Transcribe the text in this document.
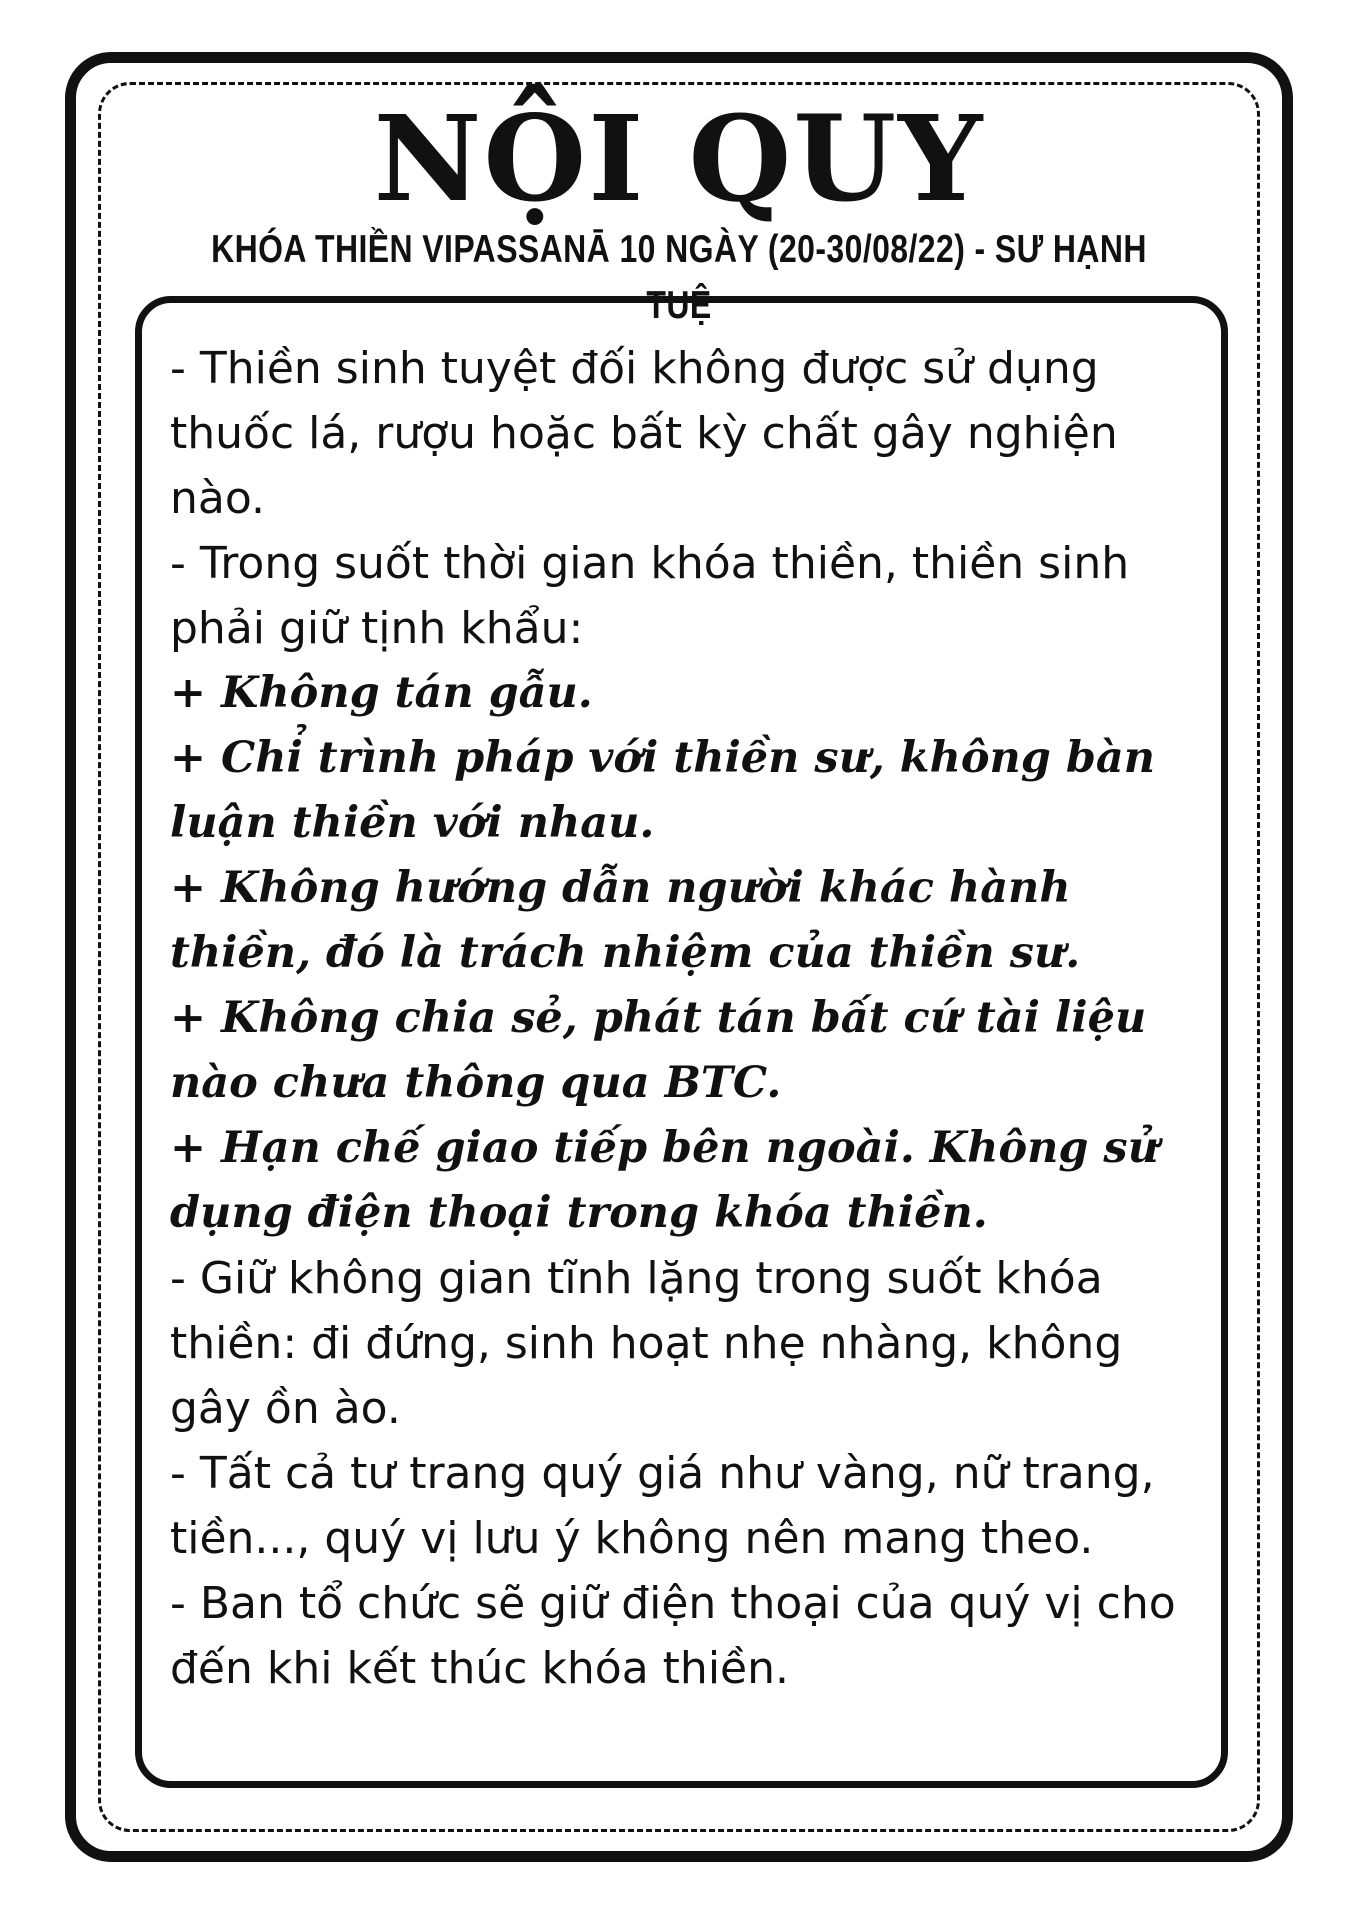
NỘI QUY
KHÓA THIỀN VIPASSANĀ 10 NGÀY (20-30/08/22) - SƯ HẠNH TUỆ
- Thiền sinh tuyệt đối không được sử dụng thuốc lá, rượu hoặc bất kỳ chất gây nghiện nào.
- Trong suốt thời gian khóa thiền, thiền sinh phải giữ tịnh khẩu:
+ Không tán gẫu.
+ Chỉ trình pháp với thiền sư, không bàn luận thiền với nhau.
+ Không hướng dẫn người khác hành thiền, đó là trách nhiệm của thiền sư.
+ Không chia sẻ, phát tán bất cứ tài liệu nào chưa thông qua BTC.
+ Hạn chế giao tiếp bên ngoài. Không sử dụng điện thoại trong khóa thiền.
- Giữ không gian tĩnh lặng trong suốt khóa thiền: đi đứng, sinh hoạt nhẹ nhàng, không gây ồn ào.
- Tất cả tư trang quý giá như vàng, nữ trang, tiền..., quý vị lưu ý không nên mang theo.
- Ban tổ chức sẽ giữ điện thoại của quý vị cho đến khi kết thúc khóa thiền.
